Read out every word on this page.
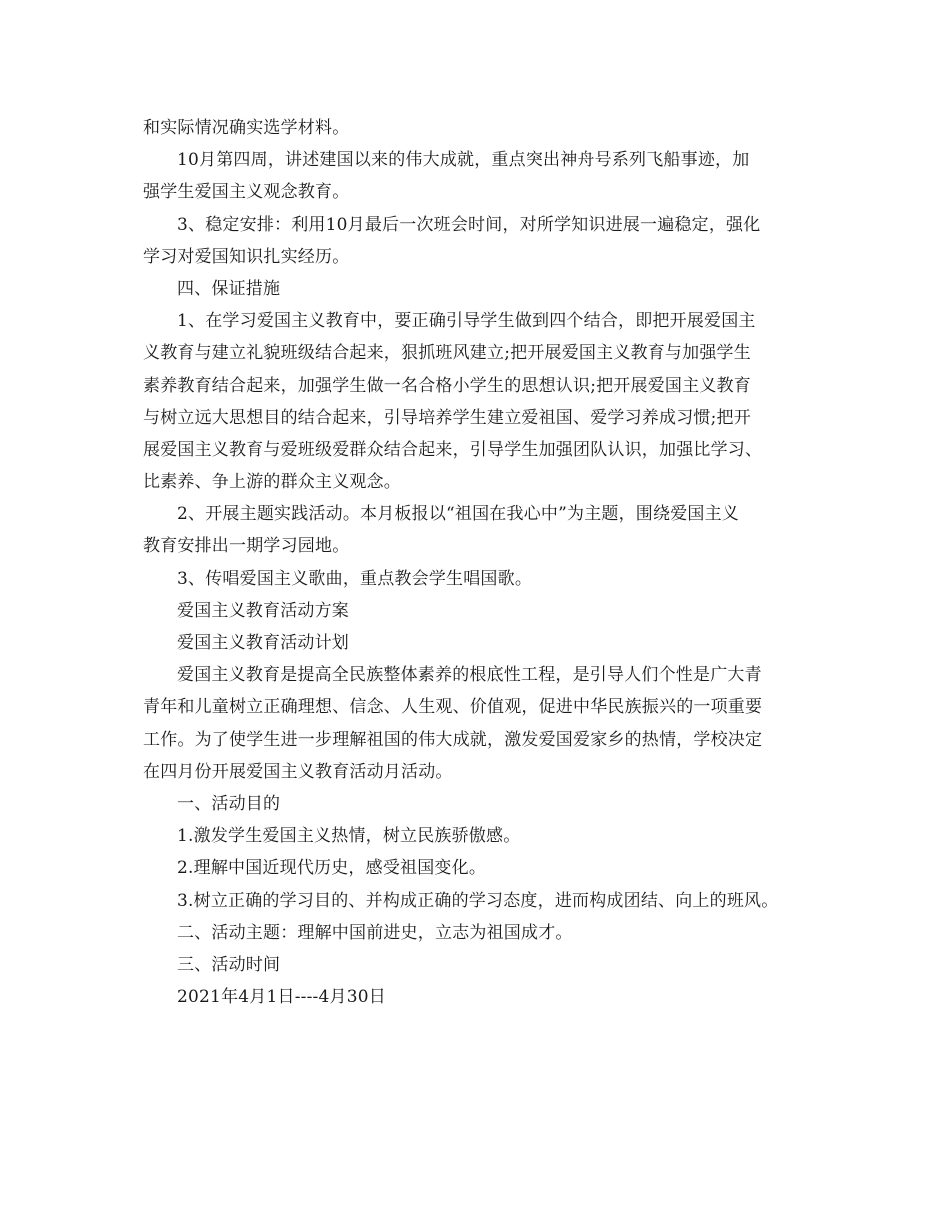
和实际情况确实选学材料。
10月第四周，讲述建国以来的伟大成就，重点突出神舟号系列飞船事迹，加
强学生爱国主义观念教育。
3、稳定安排：利用10月最后一次班会时间，对所学知识进展一遍稳定，强化
学习对爱国知识扎实经历。
四、保证措施
1、在学习爱国主义教育中，要正确引导学生做到四个结合，即把开展爱国主
义教育与建立礼貌班级结合起来，狠抓班风建立;把开展爱国主义教育与加强学生
素养教育结合起来，加强学生做一名合格小学生的思想认识;把开展爱国主义教育
与树立远大思想目的结合起来，引导培养学生建立爱祖国、爱学习养成习惯;把开
展爱国主义教育与爱班级爱群众结合起来，引导学生加强团队认识，加强比学习、
比素养、争上游的群众主义观念。
2、开展主题实践活动。本月板报以“祖国在我心中”为主题，围绕爱国主义
教育安排出一期学习园地。
3、传唱爱国主义歌曲，重点教会学生唱国歌。
爱国主义教育活动方案
爱国主义教育活动计划
爱国主义教育是提高全民族整体素养的根底性工程，是引导人们个性是广大青
青年和儿童树立正确理想、信念、人生观、价值观，促进中华民族振兴的一项重要
工作。为了使学生进一步理解祖国的伟大成就，激发爱国爱家乡的热情，学校决定
在四月份开展爱国主义教育活动月活动。
一、活动目的
1.激发学生爱国主义热情，树立民族骄傲感。
2.理解中国近现代历史，感受祖国变化。
3.树立正确的学习目的、并构成正确的学习态度，进而构成团结、向上的班风。
二、活动主题：理解中国前进史，立志为祖国成才。
三、活动时间
2021年4月1日----4月30日
